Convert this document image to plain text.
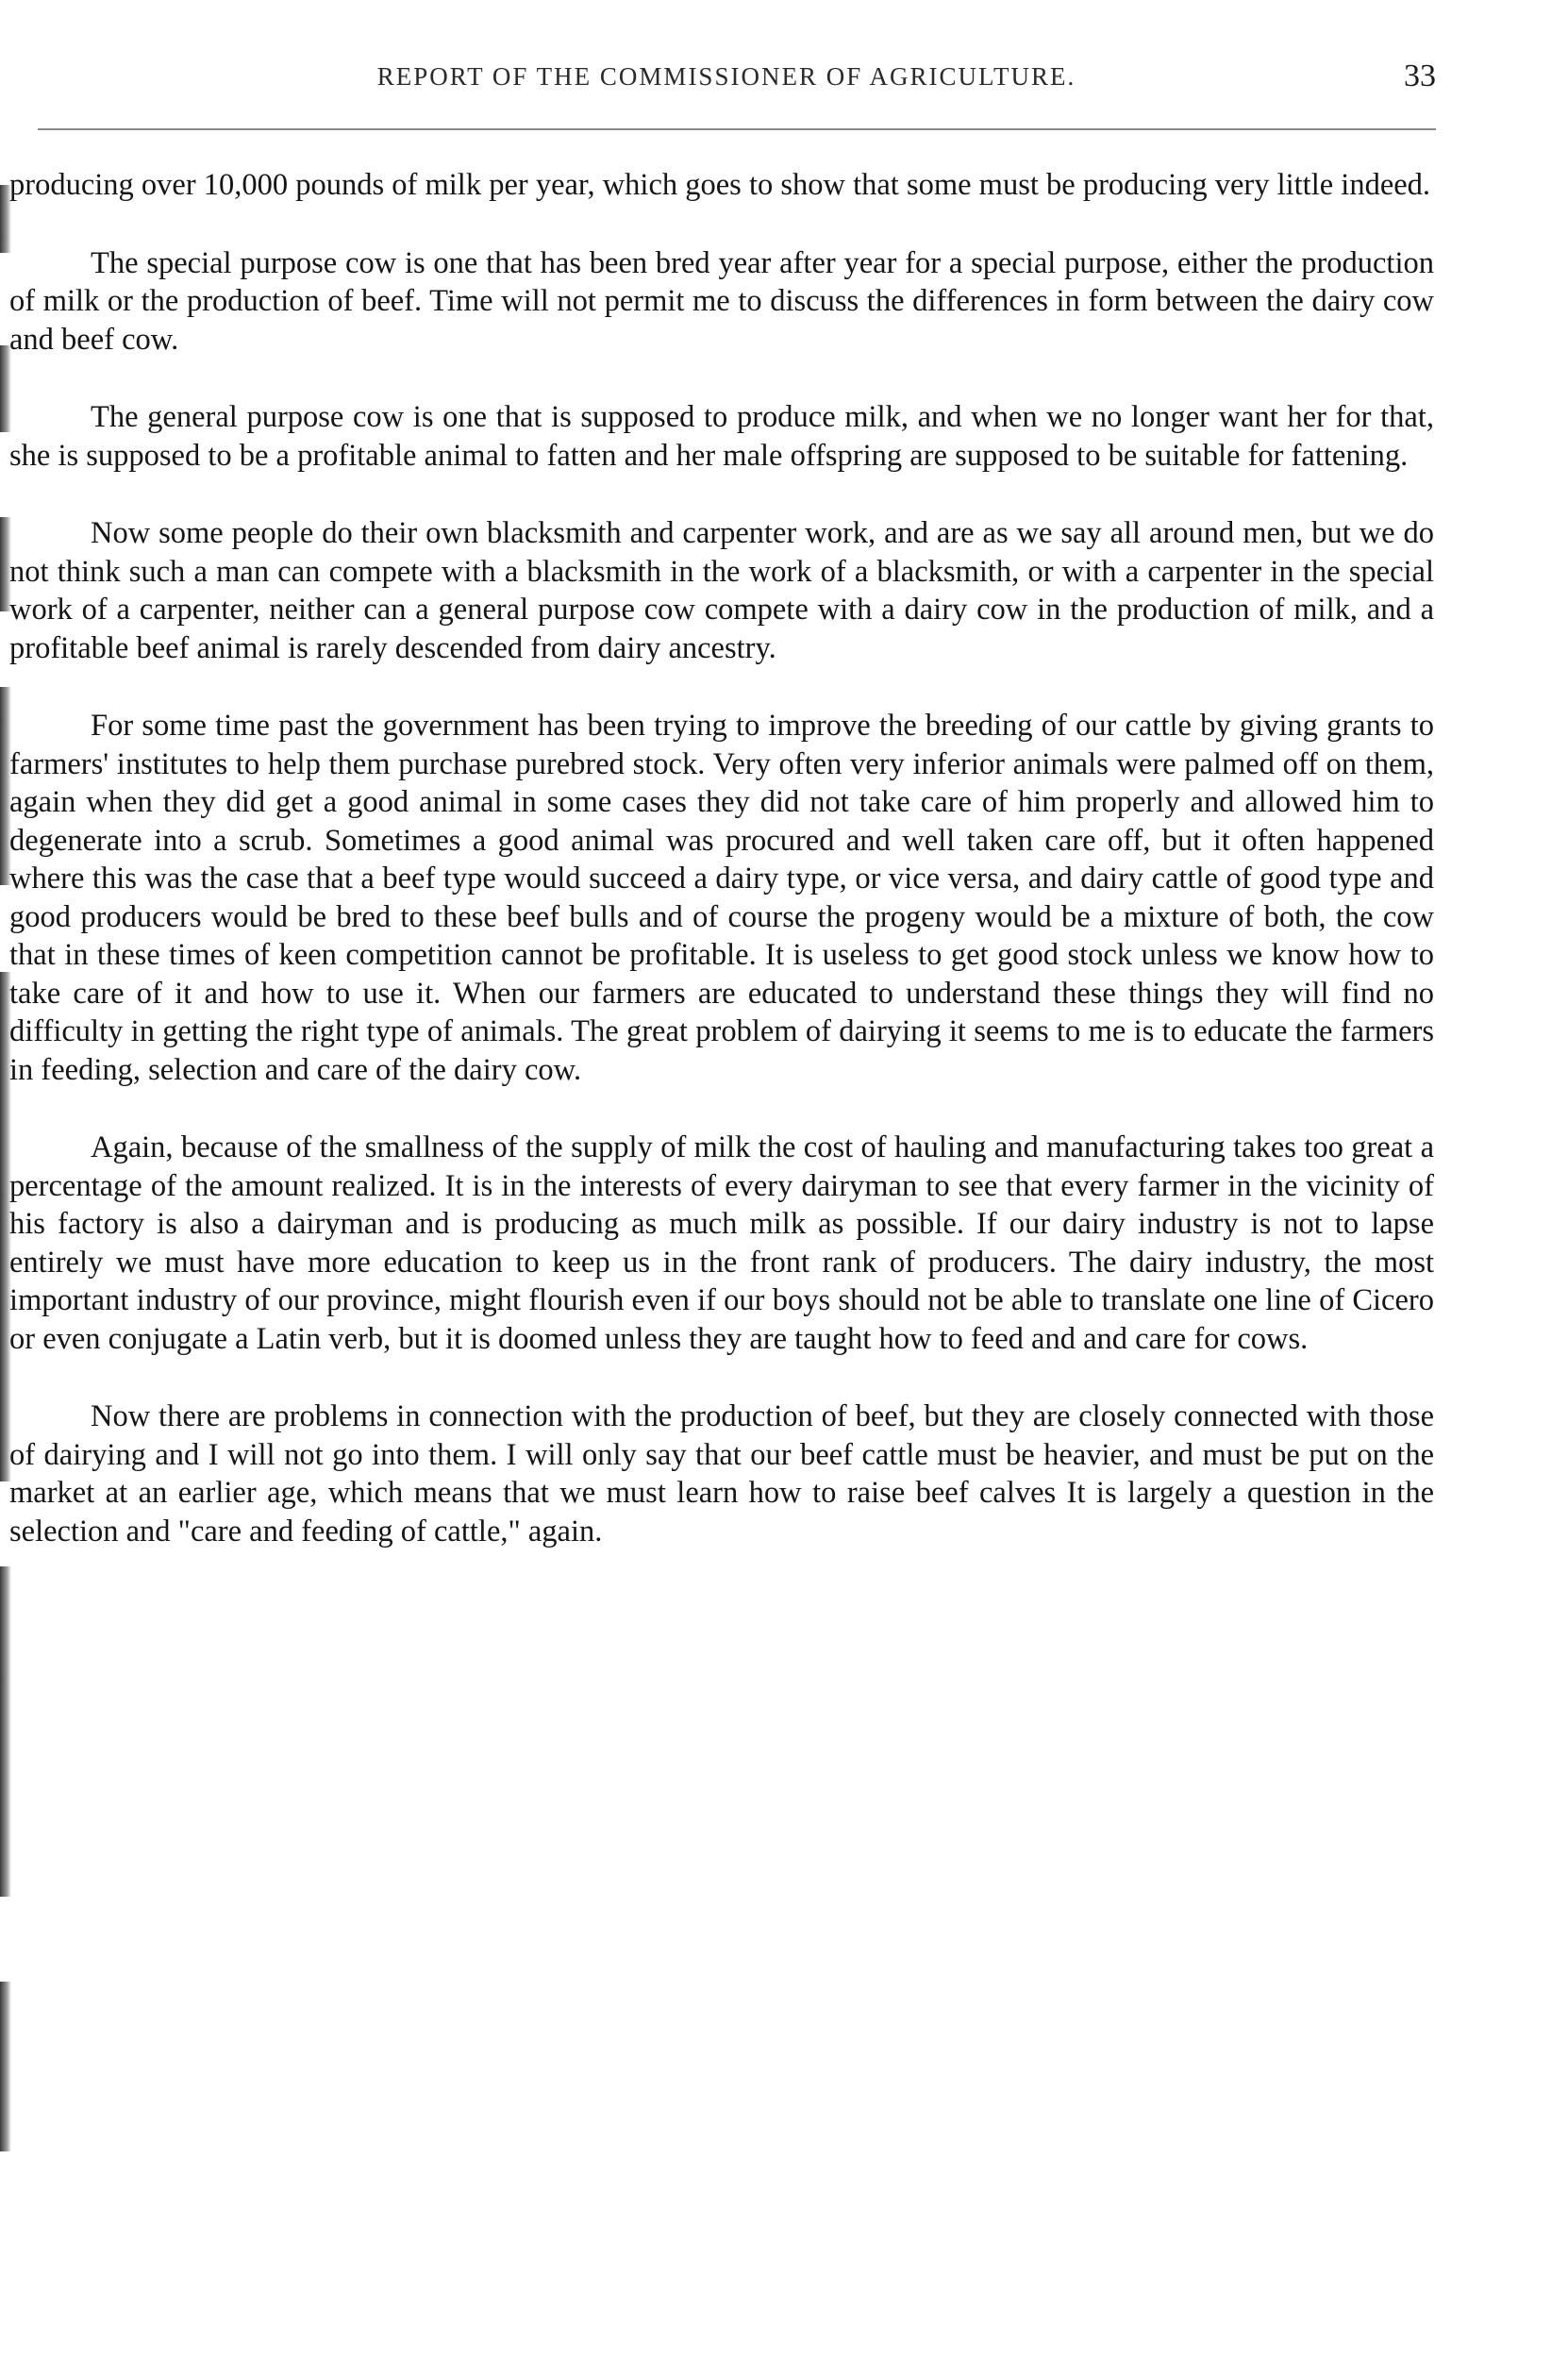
REPORT OF THE COMMISSIONER OF AGRICULTURE.	33

producing over 10,000 pounds of milk per year, which goes to show that some must be producing very little indeed.

The special purpose cow is one that has been bred year after year for a special purpose, either the production of milk or the production of beef. Time will not permit me to discuss the differences in form between the dairy cow and beef cow.

The general purpose cow is one that is supposed to produce milk, and when we no longer want her for that, she is supposed to be a profitable animal to fatten and her male offspring are supposed to be suitable for fattening.

Now some people do their own blacksmith and carpenter work, and are as we say all around men, but we do not think such a man can compete with a blacksmith in the work of a blacksmith, or with a carpenter in the special work of a carpenter, neither can a general purpose cow compete with a dairy cow in the production of milk, and a profitable beef animal is rarely descended from dairy ancestry.

For some time past the government has been trying to improve the breeding of our cattle by giving grants to farmers' institutes to help them purchase purebred stock. Very often very inferior animals were palmed off on them, again when they did get a good animal in some cases they did not take care of him properly and allowed him to degenerate into a scrub. Sometimes a good animal was procured and well taken care off, but it often happened where this was the case that a beef type would succeed a dairy type, or vice versa, and dairy cattle of good type and good producers would be bred to these beef bulls and of course the progeny would be a mixture of both, the cow that in these times of keen competition cannot be profitable. It is useless to get good stock unless we know how to take care of it and how to use it. When our farmers are educated to understand these things they will find no difficulty in getting the right type of animals. The great problem of dairying it seems to me is to educate the farmers in feeding, selection and care of the dairy cow.

Again, because of the smallness of the supply of milk the cost of hauling and manufacturing takes too great a percentage of the amount realized. It is in the interests of every dairyman to see that every farmer in the vicinity of his factory is also a dairyman and is producing as much milk as possible. If our dairy industry is not to lapse entirely we must have more education to keep us in the front rank of producers. The dairy industry, the most important industry of our province, might flourish even if our boys should not be able to translate one line of Cicero or even conjugate a Latin verb, but it is doomed unless they are taught how to feed and and care for cows.

Now there are problems in connection with the production of beef, but they are closely connected with those of dairying and I will not go into them. I will only say that our beef cattle must be heavier, and must be put on the market at an earlier age, which means that we must learn how to raise beef calves It is largely a question in the selection and "care and feeding of cattle," again.
